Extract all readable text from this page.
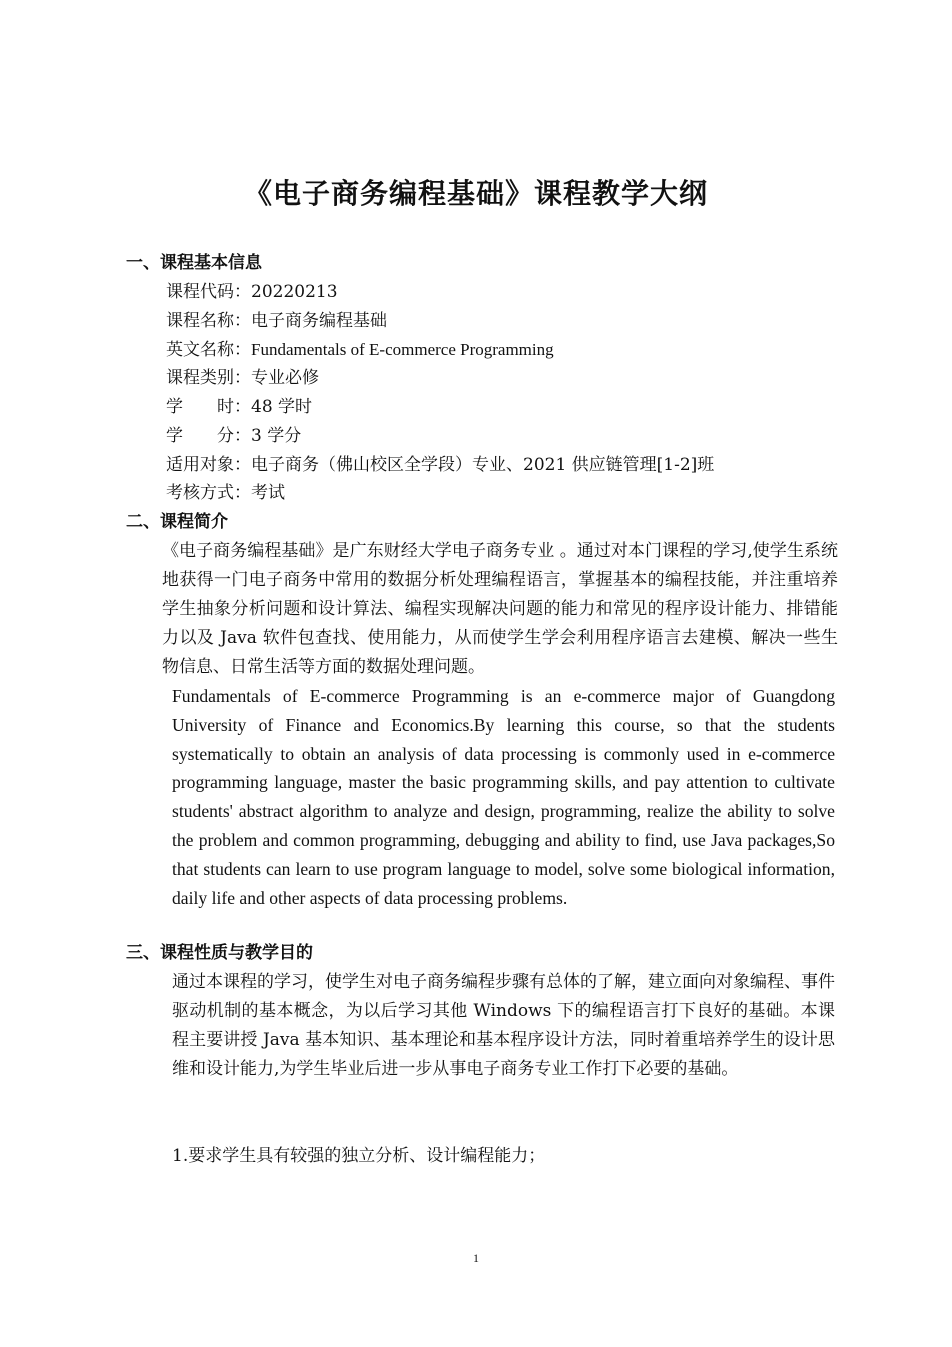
《电子商务编程基础》课程教学大纲
一、课程基本信息
课程代码：20220213
课程名称：电子商务编程基础
英文名称：Fundamentals of E-commerce Programming
课程类别：专业必修
学　　时：48 学时
学　　分：3 学分
适用对象：电子商务（佛山校区全学段）专业、2021 供应链管理[1-2]班
考核方式：考试
二、课程简介
《电子商务编程基础》是广东财经大学电子商务专业 。通过对本门课程的学习,使学生系统地获得一门电子商务中常用的数据分析处理编程语言，掌握基本的编程技能，并注重培养学生抽象分析问题和设计算法、编程实现解决问题的能力和常见的程序设计能力、排错能力以及 Java 软件包查找、使用能力，从而使学生学会利用程序语言去建模、解决一些生物信息、日常生活等方面的数据处理问题。
Fundamentals of E-commerce Programming is an e-commerce major of Guangdong University of Finance and Economics.By learning this course, so that the students systematically to obtain an analysis of data processing is commonly used in e-commerce programming language, master the basic programming skills, and pay attention to cultivate students' abstract algorithm to analyze and design, programming, realize the ability to solve the problem and common programming, debugging and ability to find, use Java packages,So that students can learn to use program language to model, solve some biological information, daily life and other aspects of data processing problems.
三、课程性质与教学目的
通过本课程的学习，使学生对电子商务编程步骤有总体的了解，建立面向对象编程、事件驱动机制的基本概念，为以后学习其他 Windows 下的编程语言打下良好的基础。本课程主要讲授 Java 基本知识、基本理论和基本程序设计方法，同时着重培养学生的设计思维和设计能力,为学生毕业后进一步从事电子商务专业工作打下必要的基础。
1.要求学生具有较强的独立分析、设计编程能力；
1
